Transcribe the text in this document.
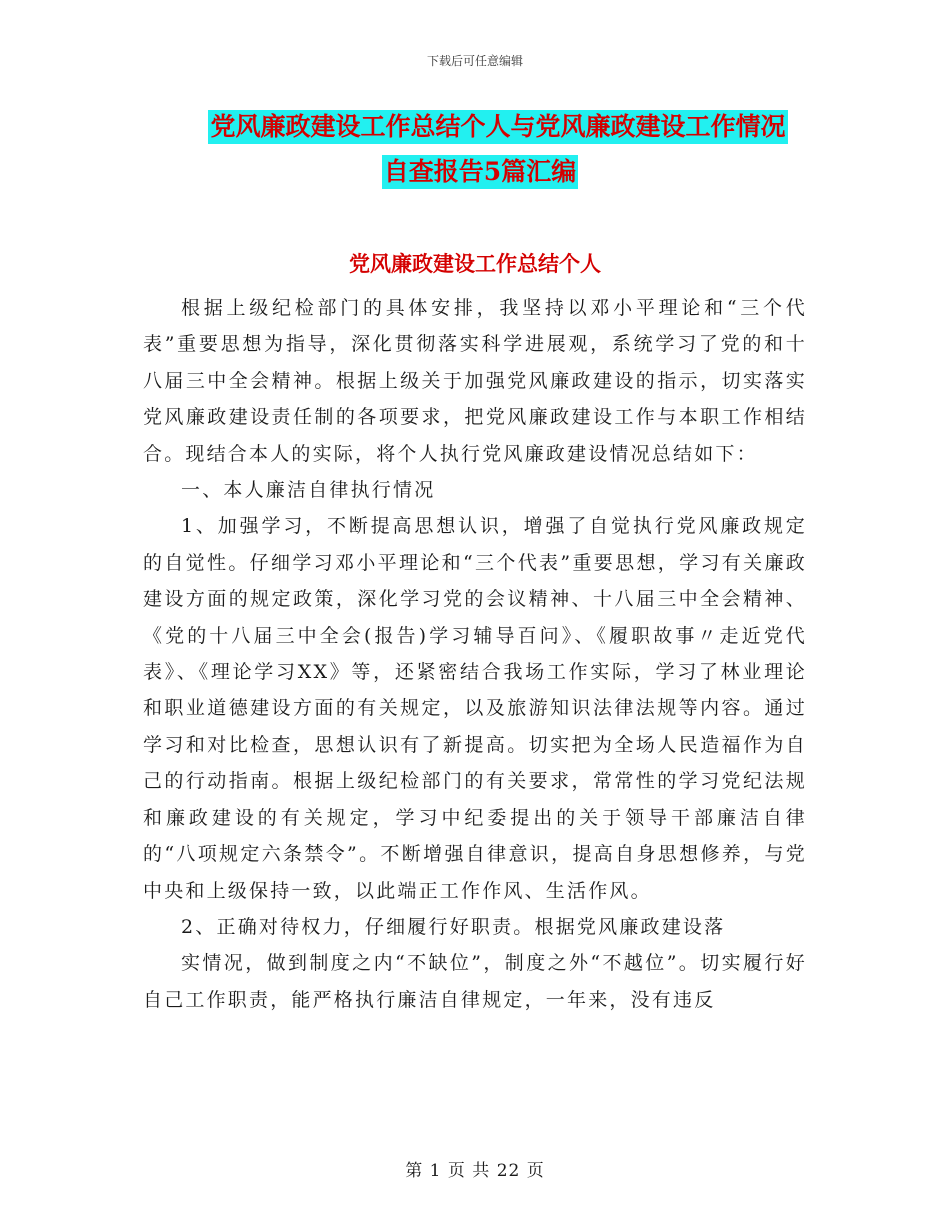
下载后可任意编辑
党风廉政建设工作总结个人与党风廉政建设工作情况
自查报告5篇汇编
党风廉政建设工作总结个人

根据上级纪检部门的具体安排，我坚持以邓小平理论和“三个代表”重要思想为指导，深化贯彻落实科学进展观，系统学习了党的和十八届三中全会精神。根据上级关于加强党风廉政建设的指示，切实落实党风廉政建设责任制的各项要求，把党风廉政建设工作与本职工作相结合。现结合本人的实际，将个人执行党风廉政建设情况总结如下：

一、本人廉洁自律执行情况

1、加强学习，不断提高思想认识，增强了自觉执行党风廉政规定的自觉性。仔细学习邓小平理论和“三个代表”重要思想，学习有关廉政建设方面的规定政策，深化学习党的会议精神、十八届三中全会精神、《党的十八届三中全会(报告)学习辅导百问》、《履职故事〃走近党代表》、《理论学习XX》等，还紧密结合我场工作实际，学习了林业理论和职业道德建设方面的有关规定，以及旅游知识法律法规等内容。通过学习和对比检查，思想认识有了新提高。切实把为全场人民造福作为自己的行动指南。根据上级纪检部门的有关要求，常常性的学习党纪法规和廉政建设的有关规定，学习中纪委提出的关于领导干部廉洁自律的“八项规定六条禁令”。不断增强自律意识，提高自身思想修养，与党中央和上级保持一致，以此端正工作作风、生活作风。

2、正确对待权力，仔细履行好职责。根据党风廉政建设落

实情况，做到制度之内“不缺位”，制度之外“不越位”。切实履行好自己工作职责，能严格执行廉洁自律规定，一年来，没有违反

第 1 页 共 22 页
